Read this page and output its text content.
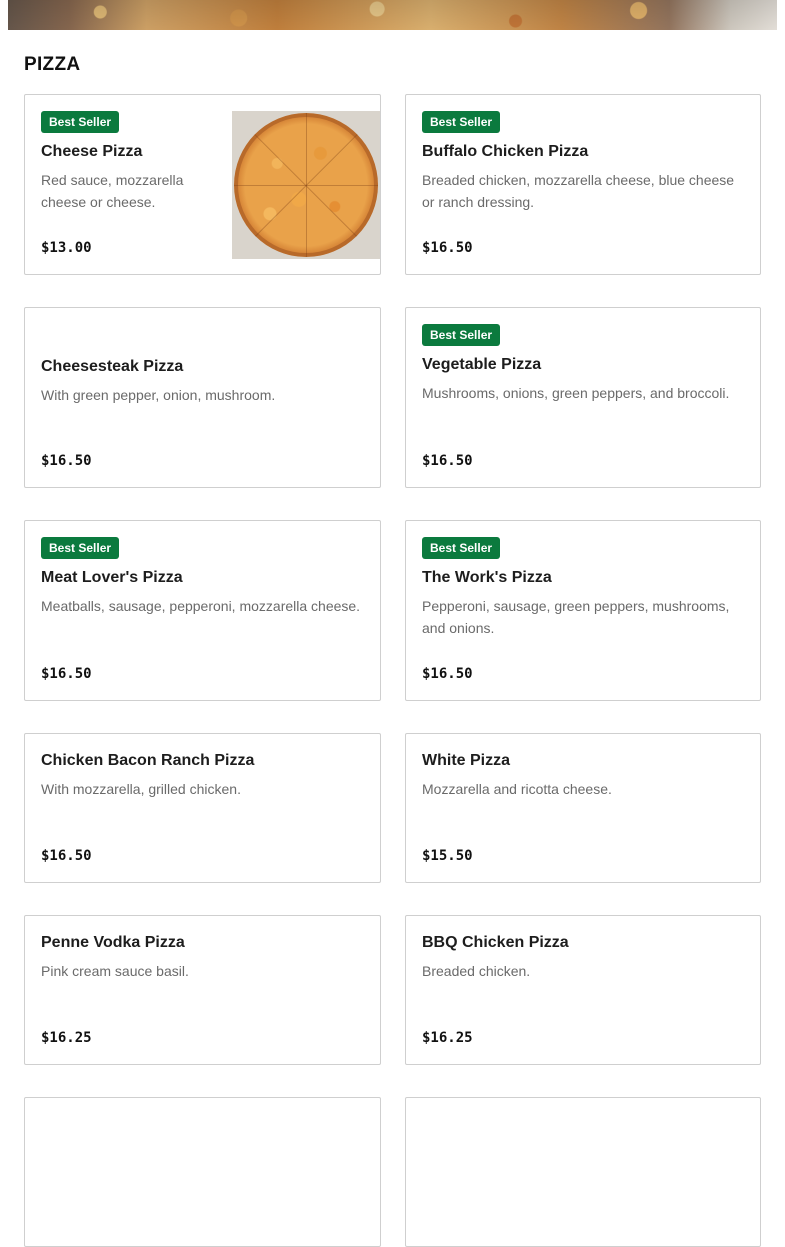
PIZZA
Best Seller
Cheese Pizza
Red sauce, mozzarella cheese or cheese.
$13.00
Best Seller
Buffalo Chicken Pizza
Breaded chicken, mozzarella cheese, blue cheese or ranch dressing.
$16.50
Cheesesteak Pizza
With green pepper, onion, mushroom.
$16.50
Best Seller
Vegetable Pizza
Mushrooms, onions, green peppers, and broccoli.
$16.50
Best Seller
Meat Lover's Pizza
Meatballs, sausage, pepperoni, mozzarella cheese.
$16.50
Best Seller
The Work's Pizza
Pepperoni, sausage, green peppers, mushrooms, and onions.
$16.50
Chicken Bacon Ranch Pizza
With mozzarella, grilled chicken.
$16.50
White Pizza
Mozzarella and ricotta cheese.
$15.50
Penne Vodka Pizza
Pink cream sauce basil.
$16.25
BBQ Chicken Pizza
Breaded chicken.
$16.25
